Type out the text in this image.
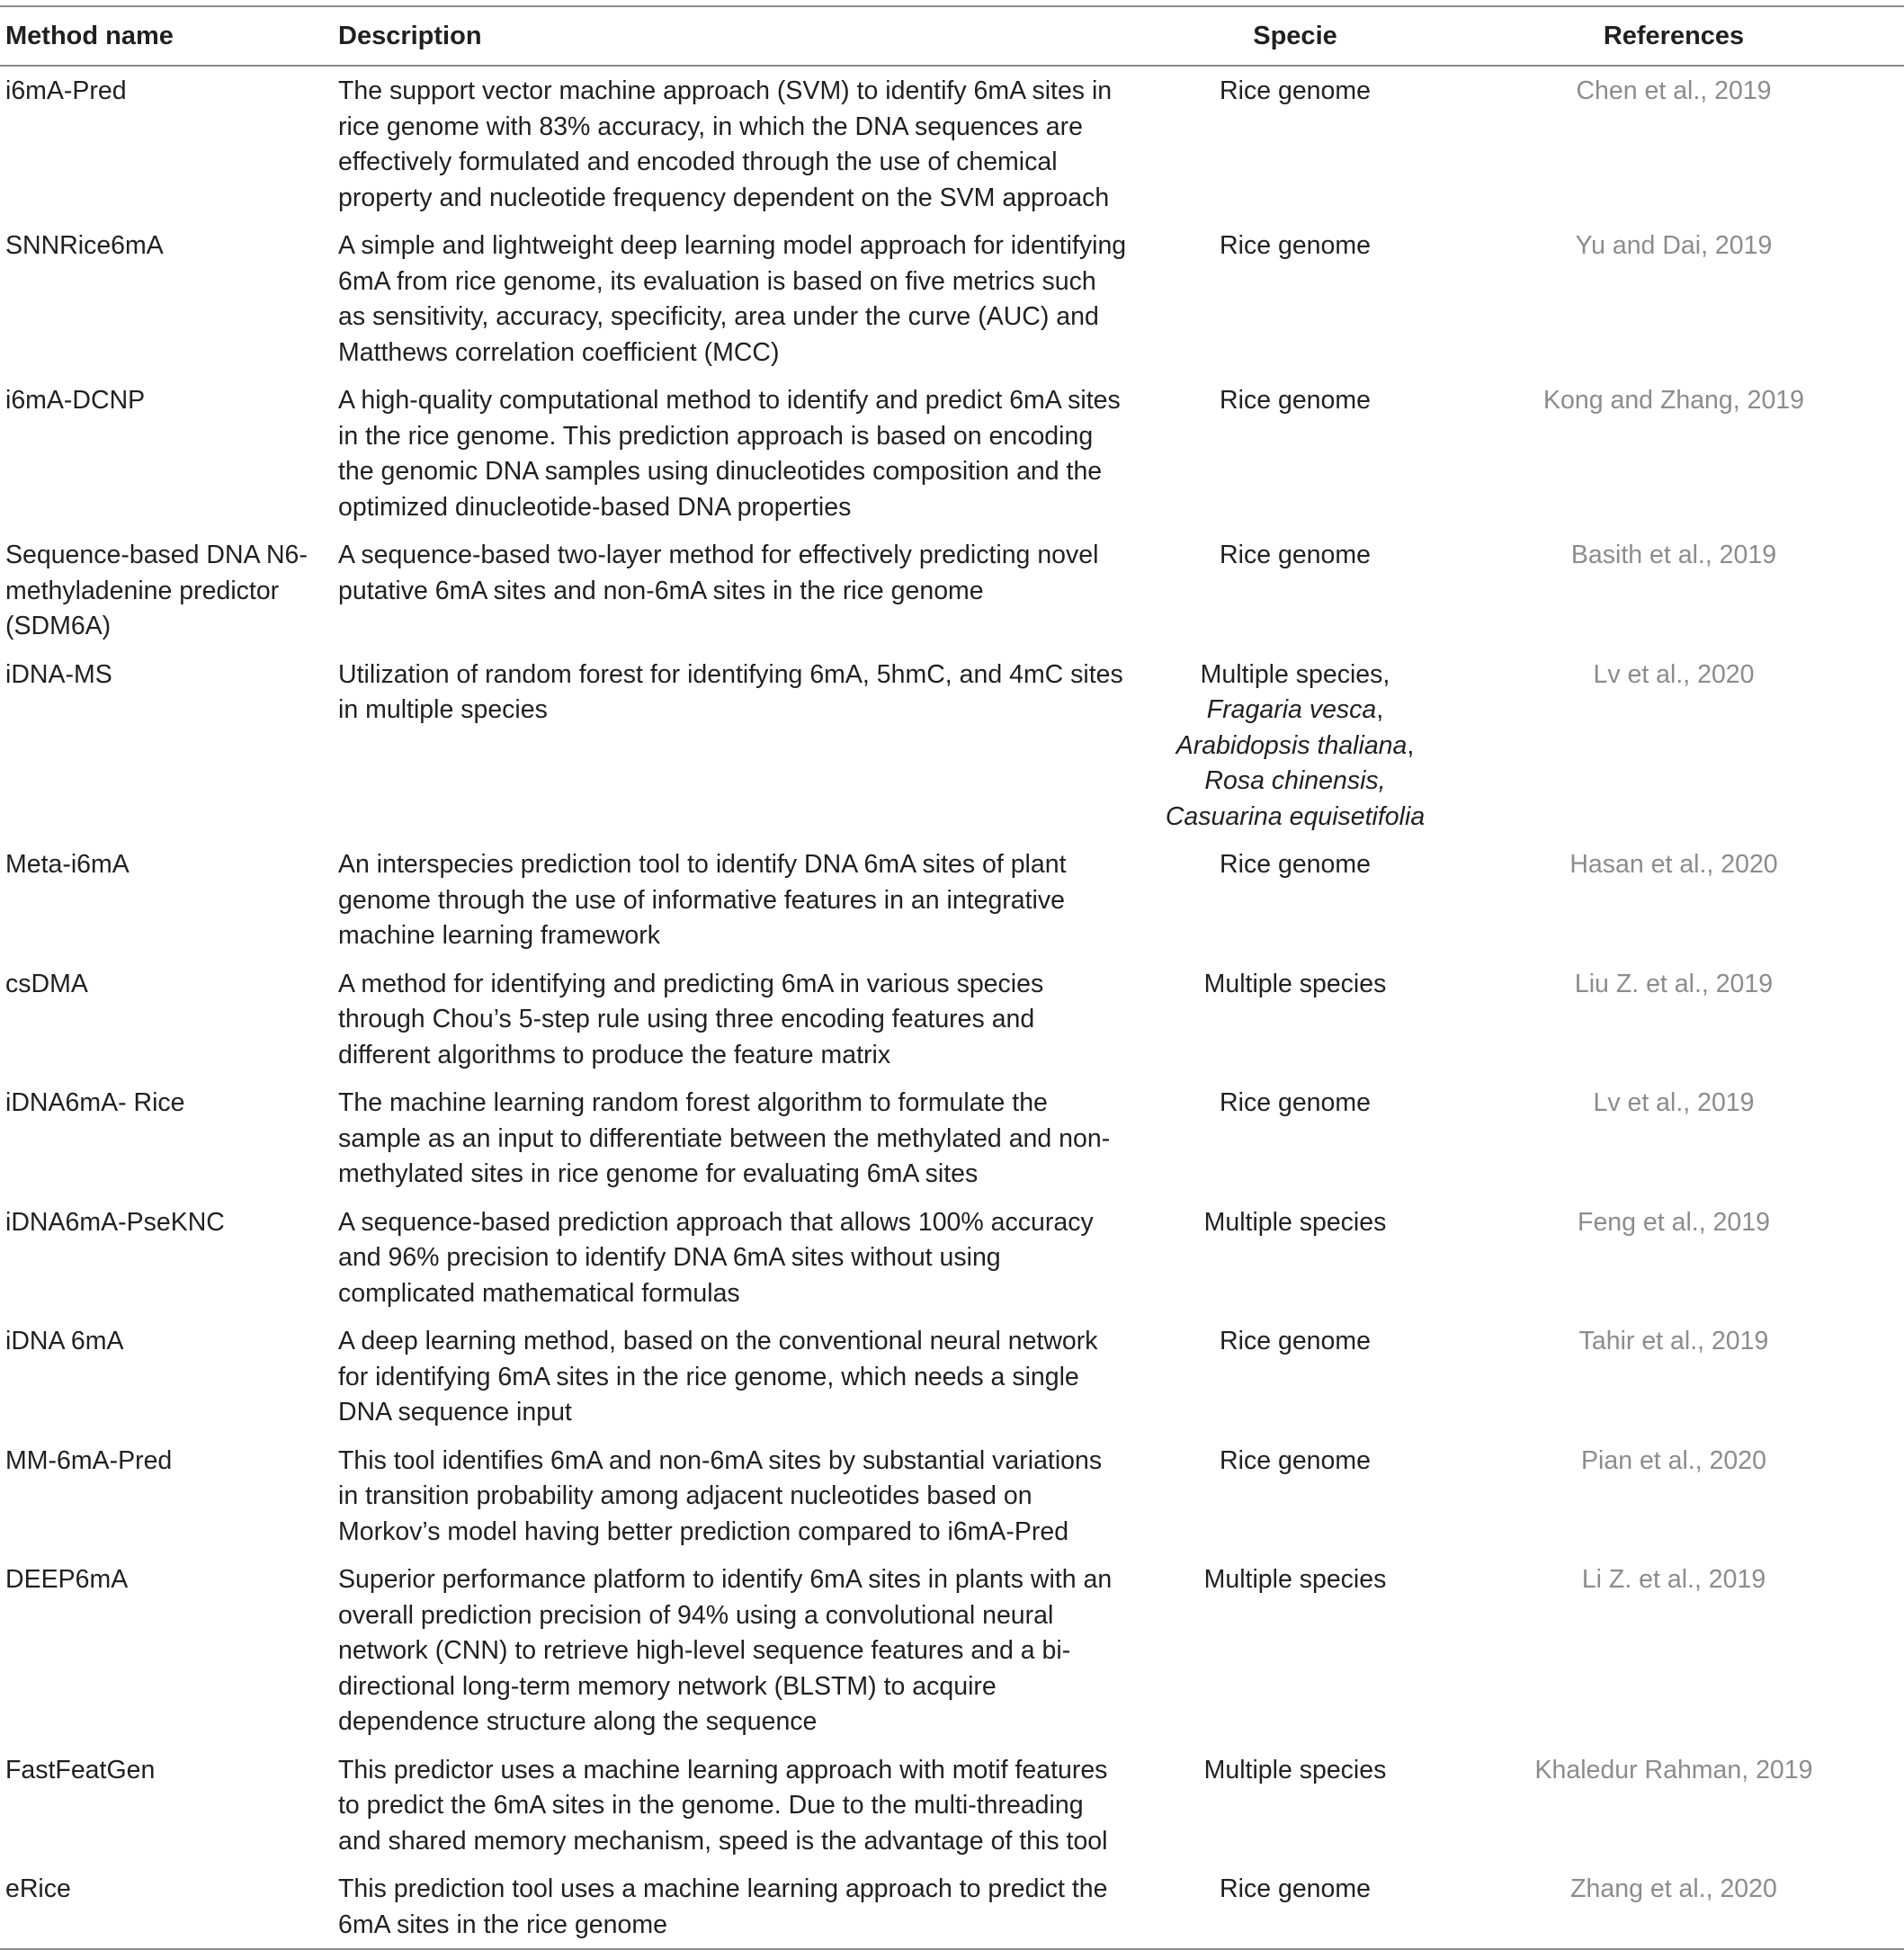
Method name	Description	Specie	References
i6mA-Pred	The support vector machine approach (SVM) to identify 6mA sites in rice genome with 83% accuracy, in which the DNA sequences are effectively formulated and encoded through the use of chemical property and nucleotide frequency dependent on the SVM approach	Rice genome	Chen et al., 2019
SNNRice6mA	A simple and lightweight deep learning model approach for identifying 6mA from rice genome, its evaluation is based on five metrics such as sensitivity, accuracy, specificity, area under the curve (AUC) and Matthews correlation coefficient (MCC)	Rice genome	Yu and Dai, 2019
i6mA-DCNP	A high-quality computational method to identify and predict 6mA sites in the rice genome. This prediction approach is based on encoding the genomic DNA samples using dinucleotides composition and the optimized dinucleotide-based DNA properties	Rice genome	Kong and Zhang, 2019
Sequence-based DNA N6-methyladenine predictor (SDM6A)	A sequence-based two-layer method for effectively predicting novel putative 6mA sites and non-6mA sites in the rice genome	Rice genome	Basith et al., 2019
iDNA-MS	Utilization of random forest for identifying 6mA, 5hmC, and 4mC sites in multiple species	Multiple species, Fragaria vesca, Arabidopsis thaliana, Rosa chinensis, Casuarina equisetifolia	Lv et al., 2020
Meta-i6mA	An interspecies prediction tool to identify DNA 6mA sites of plant genome through the use of informative features in an integrative machine learning framework	Rice genome	Hasan et al., 2020
csDMA	A method for identifying and predicting 6mA in various species through Chou’s 5-step rule using three encoding features and different algorithms to produce the feature matrix	Multiple species	Liu Z. et al., 2019
iDNA6mA- Rice	The machine learning random forest algorithm to formulate the sample as an input to differentiate between the methylated and non-methylated sites in rice genome for evaluating 6mA sites	Rice genome	Lv et al., 2019
iDNA6mA-PseKNC	A sequence-based prediction approach that allows 100% accuracy and 96% precision to identify DNA 6mA sites without using complicated mathematical formulas	Multiple species	Feng et al., 2019
iDNA 6mA	A deep learning method, based on the conventional neural network for identifying 6mA sites in the rice genome, which needs a single DNA sequence input	Rice genome	Tahir et al., 2019
MM-6mA-Pred	This tool identifies 6mA and non-6mA sites by substantial variations in transition probability among adjacent nucleotides based on Morkov’s model having better prediction compared to i6mA-Pred	Rice genome	Pian et al., 2020
DEEP6mA	Superior performance platform to identify 6mA sites in plants with an overall prediction precision of 94% using a convolutional neural network (CNN) to retrieve high-level sequence features and a bi-directional long-term memory network (BLSTM) to acquire dependence structure along the sequence	Multiple species	Li Z. et al., 2019
FastFeatGen	This predictor uses a machine learning approach with motif features to predict the 6mA sites in the genome. Due to the multi-threading and shared memory mechanism, speed is the advantage of this tool	Multiple species	Khaledur Rahman, 2019
eRice	This prediction tool uses a machine learning approach to predict the 6mA sites in the rice genome	Rice genome	Zhang et al., 2020
